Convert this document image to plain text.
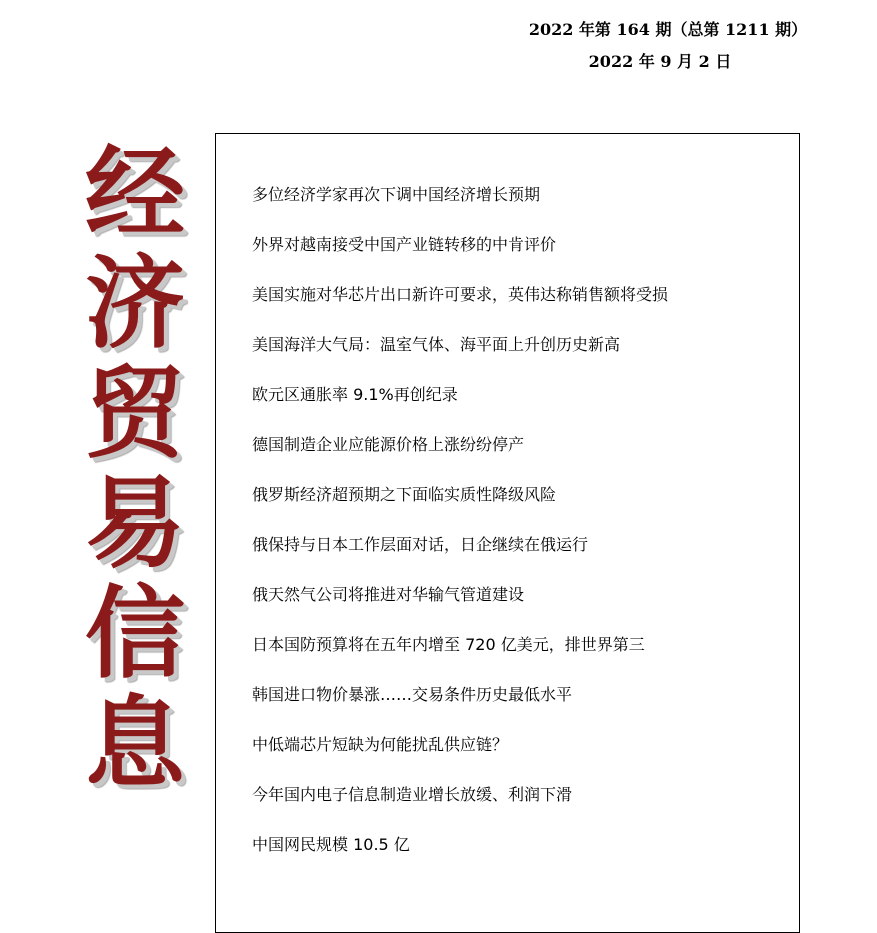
2022 年第 164 期（总第 1211 期）
2022 年 9 月 2 日
经
济
贸
易
信
息
多位经济学家再次下调中国经济增长预期
外界对越南接受中国产业链转移的中肯评价
美国实施对华芯片出口新许可要求，英伟达称销售额将受损
美国海洋大气局：温室气体、海平面上升创历史新高
欧元区通胀率 9.1%再创纪录
德国制造企业应能源价格上涨纷纷停产
俄罗斯经济超预期之下面临实质性降级风险
俄保持与日本工作层面对话，日企继续在俄运行
俄天然气公司将推进对华输气管道建设
日本国防预算将在五年内增至 720 亿美元，排世界第三
韩国进口物价暴涨……交易条件历史最低水平
中低端芯片短缺为何能扰乱供应链？
今年国内电子信息制造业增长放缓、利润下滑
中国网民规模 10.5 亿
